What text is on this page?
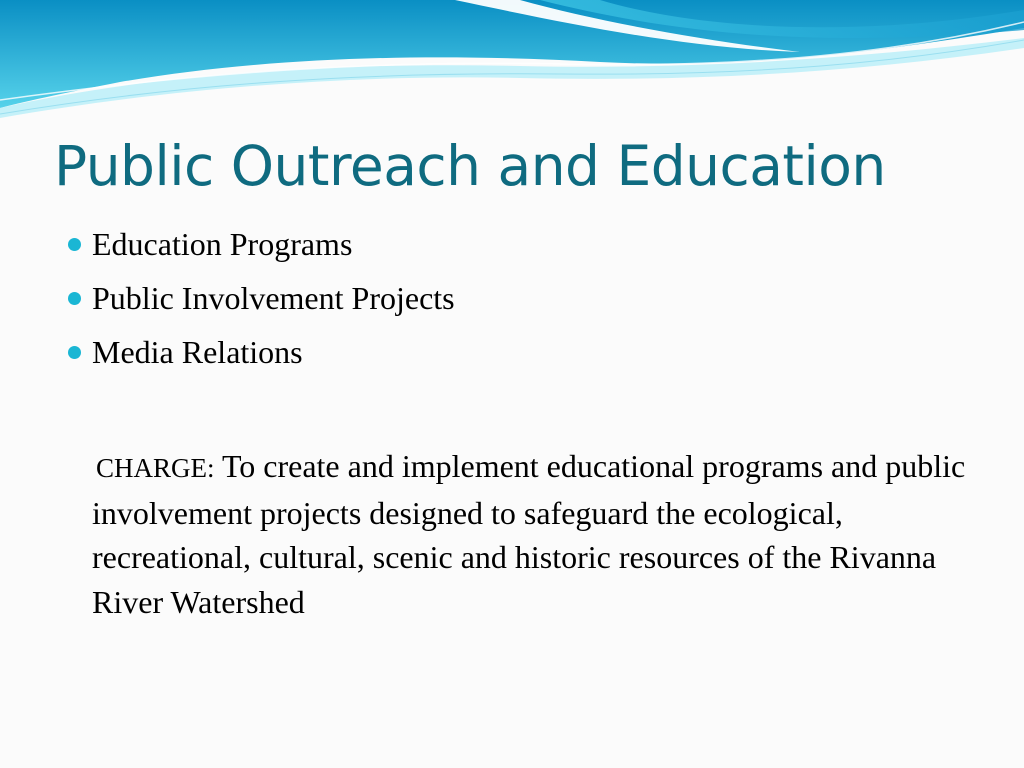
Public Outreach and Education
Education Programs
Public Involvement Projects
Media Relations

CHARGE: To create and implement educational programs and public involvement projects designed to safeguard the ecological, recreational, cultural, scenic and historic resources of the Rivanna River Watershed
